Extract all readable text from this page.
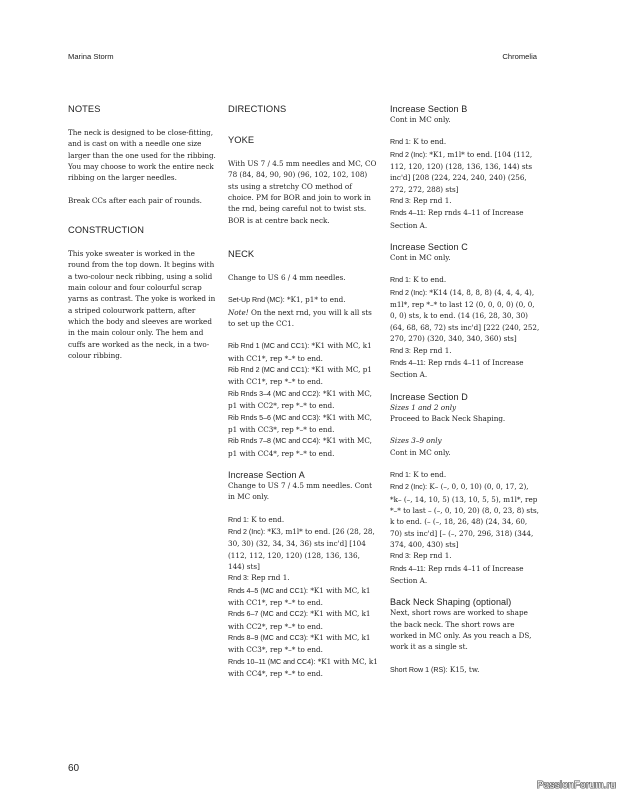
Marina Storm	Chromelia

NOTES

The neck is designed to be close-fitting, and is cast on with a needle one size larger than the one used for the ribbing. You may choose to work the entire neck ribbing on the larger needles.

Break CCs after each pair of rounds.

CONSTRUCTION

This yoke sweater is worked in the round from the top down. It begins with a two-colour neck ribbing, using a solid main colour and four colourful scrap yarns as contrast. The yoke is worked in a striped colourwork pattern, after which the body and sleeves are worked in the main colour only. The hem and cuffs are worked as the neck, in a two-colour ribbing.

DIRECTIONS

YOKE

With US 7 / 4.5 mm needles and MC, CO 78 (84, 84, 90, 90) (96, 102, 102, 108) sts using a stretchy CO method of choice. PM for BOR and join to work in the rnd, being careful not to twist sts. BOR is at centre back neck.

NECK

Change to US 6 / 4 mm needles.

Set-Up Rnd (MC): *K1, p1* to end.

Note! On the next rnd, you will k all sts to set up the CC1.

Rib Rnd 1 (MC and CC1): *K1 with MC, k1 with CC1*, rep *–* to end.

Rib Rnd 2 (MC and CC1): *K1 with MC, p1 with CC1*, rep *–* to end.

Rib Rnds 3–4 (MC and CC2): *K1 with MC, p1 with CC2*, rep *–* to end.

Rib Rnds 5–6 (MC and CC3): *K1 with MC, p1 with CC3*, rep *–* to end.

Rib Rnds 7–8 (MC and CC4): *K1 with MC, p1 with CC4*, rep *–* to end.

Increase Section A

Change to US 7 / 4.5 mm needles. Cont in MC only.

Rnd 1: K to end.

Rnd 2 (Inc): *K3, m1l* to end. [26 (28, 28, 30, 30) (32, 34, 34, 36) sts inc'd] [104 (112, 112, 120, 120) (128, 136, 136, 144) sts]

Rnd 3: Rep rnd 1.

Rnds 4–5 (MC and CC1): *K1 with MC, k1 with CC1*, rep *–* to end.

Rnds 6–7 (MC and CC2): *K1 with MC, k1 with CC2*, rep *–* to end.

Rnds 8–9 (MC and CC3): *K1 with MC, k1 with CC3*, rep *–* to end.

Rnds 10–11 (MC and CC4): *K1 with MC, k1 with CC4*, rep *–* to end.

Increase Section B

Cont in MC only.

Rnd 1: K to end.

Rnd 2 (Inc): *K1, m1l* to end. [104 (112, 112, 120, 120) (128, 136, 136, 144) sts inc'd] [208 (224, 224, 240, 240) (256, 272, 272, 288) sts]

Rnd 3: Rep rnd 1.

Rnds 4–11: Rep rnds 4–11 of Increase Section A.

Increase Section C

Cont in MC only.

Rnd 1: K to end.

Rnd 2 (Inc): *K14 (14, 8, 8, 8) (4, 4, 4, 4), m1l*, rep *–* to last 12 (0, 0, 0, 0) (0, 0, 0, 0) sts, k to end. (14 (16, 28, 30, 30) (64, 68, 68, 72) sts inc'd] [222 (240, 252, 270, 270) (320, 340, 340, 360) sts]

Rnd 3: Rep rnd 1.

Rnds 4–11: Rep rnds 4–11 of Increase Section A.

Increase Section D

Sizes 1 and 2 only

Proceed to Back Neck Shaping.

Sizes 3–9 only

Cont in MC only.

Rnd 1: K to end.

Rnd 2 (Inc): K– (–, 0, 0, 10) (0, 0, 17, 2), *k– (–, 14, 10, 5) (13, 10, 5, 5), m1l*, rep *–* to last – (–, 0, 10, 20) (8, 0, 23, 8) sts, k to end. (– (–, 18, 26, 48) (24, 34, 60, 70) sts inc'd] [– (–, 270, 296, 318) (344, 374, 400, 430) sts]

Rnd 3: Rep rnd 1.

Rnds 4–11: Rep rnds 4–11 of Increase Section A.

Back Neck Shaping (optional)

Next, short rows are worked to shape the back neck. The short rows are worked in MC only. As you reach a DS, work it as a single st.

Short Row 1 (RS): K15, tw.

60
PassionForum.ru
